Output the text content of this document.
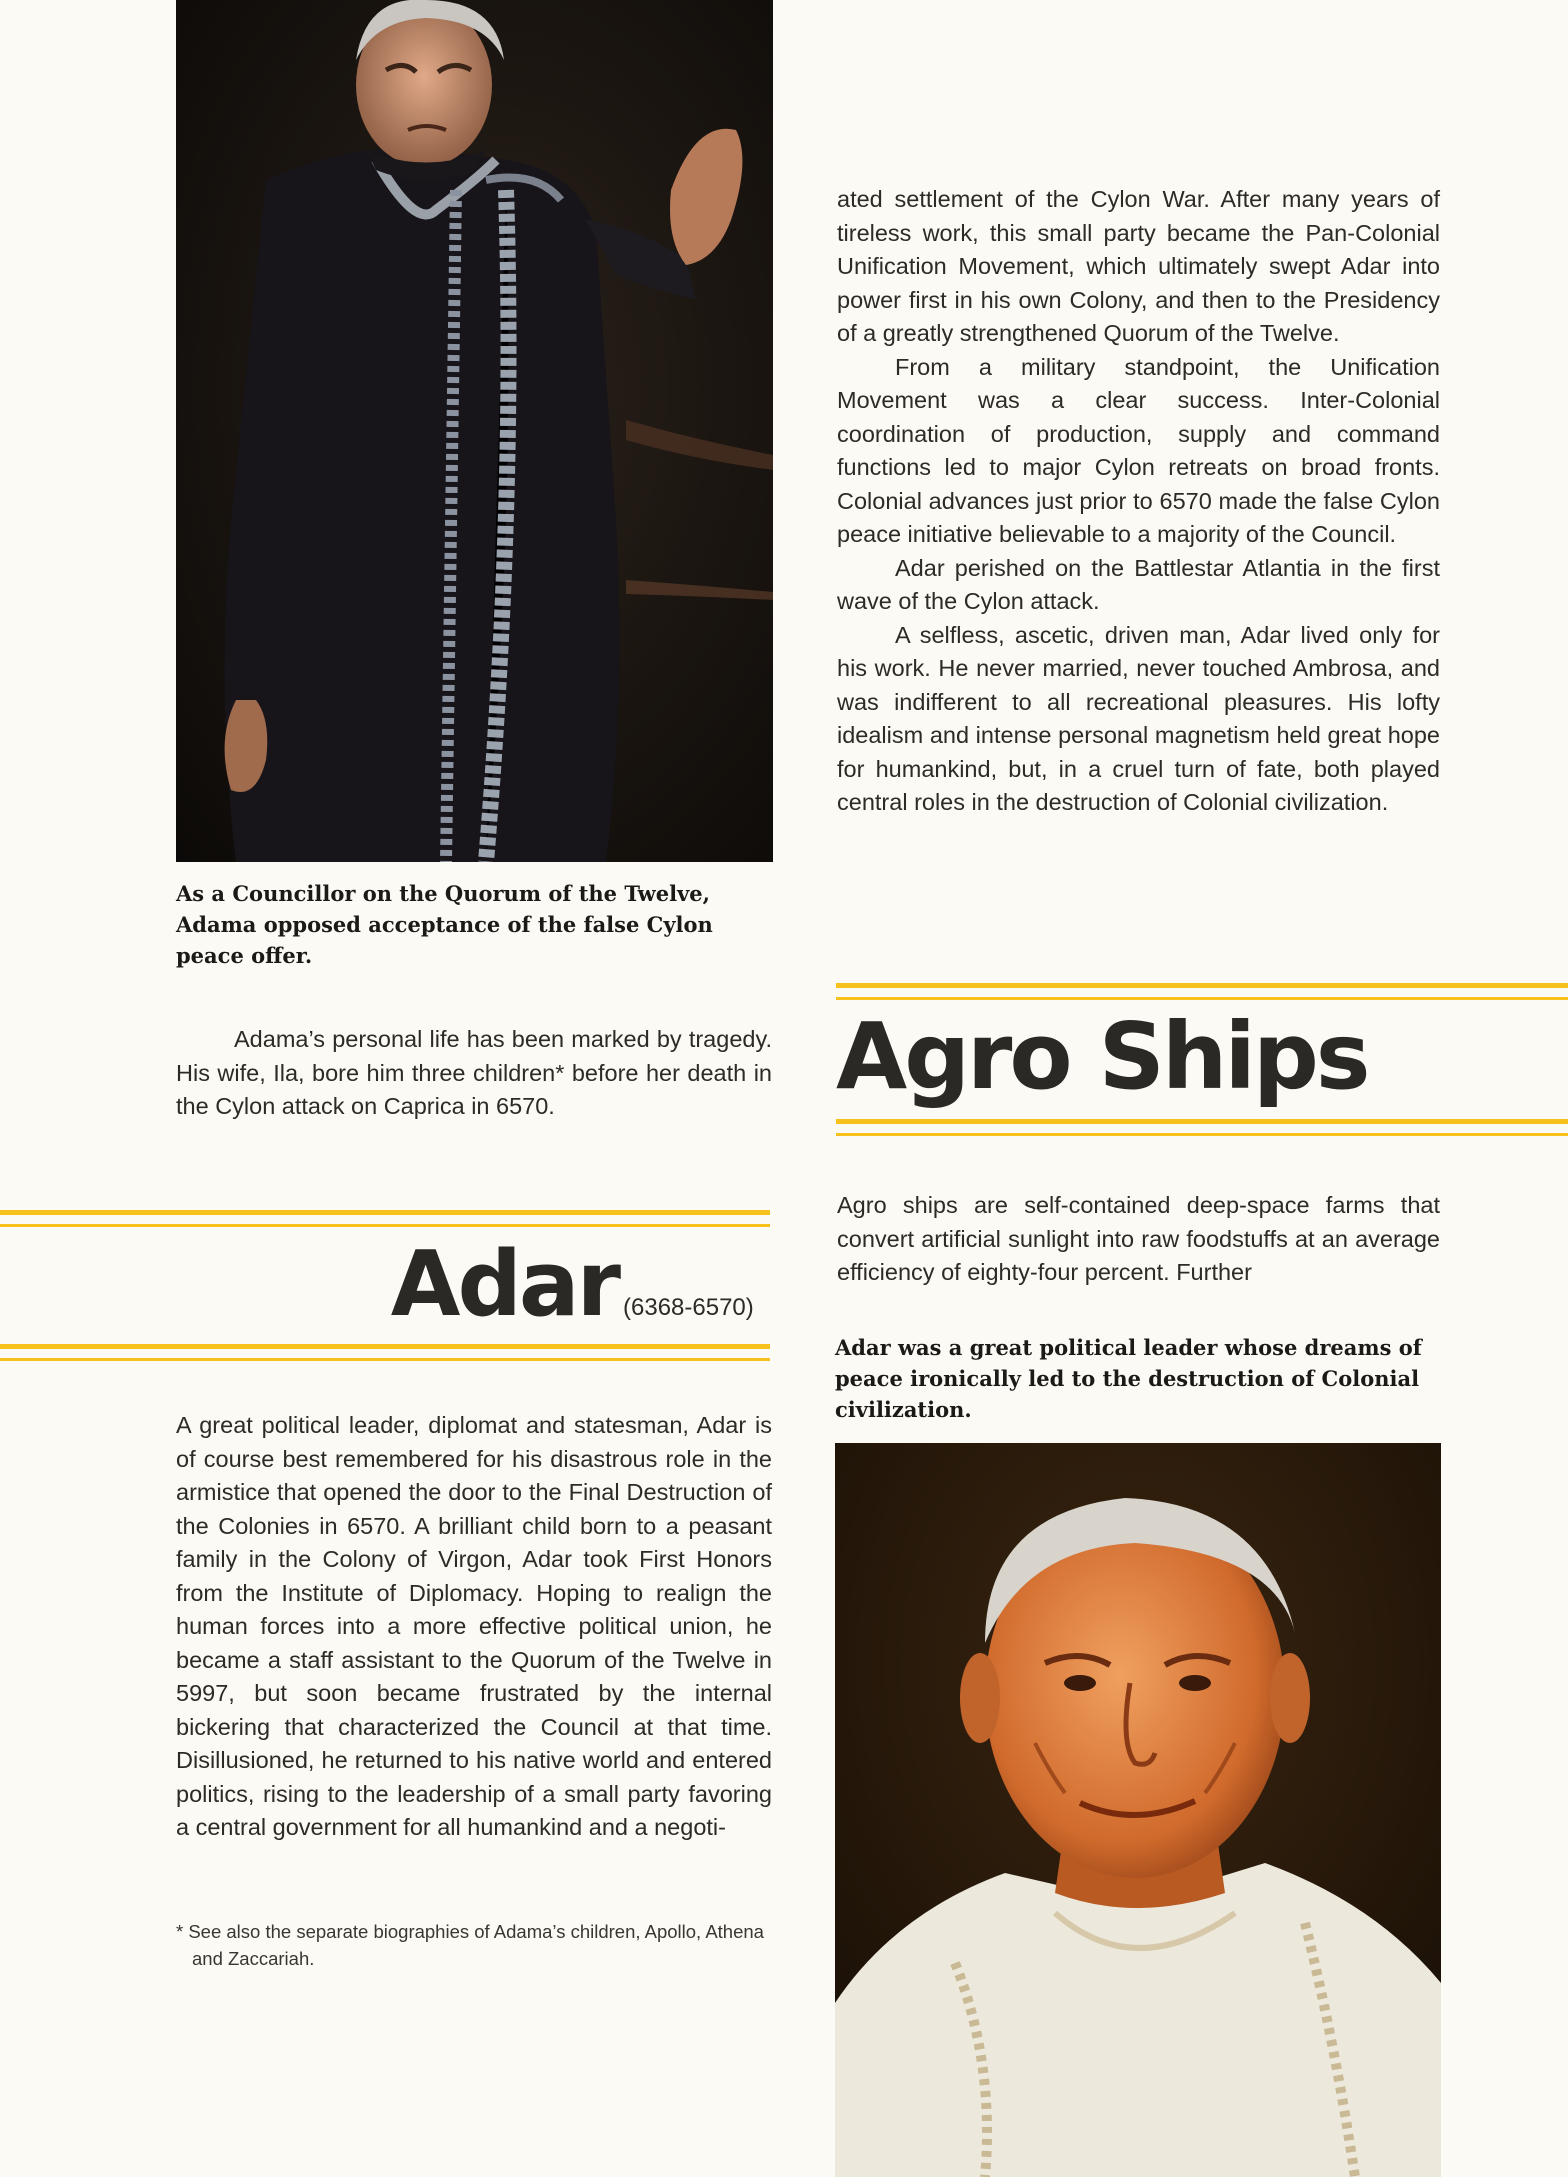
As a Councillor on the Quorum of the Twelve, Adama opposed acceptance of the false Cylon peace offer.

ated settlement of the Cylon War. After many years of tireless work, this small party became the Pan-Colonial Unification Movement, which ultimately swept Adar into power first in his own Colony, and then to the Presidency of a greatly strengthened Quorum of the Twelve.

From a military standpoint, the Unification Movement was a clear success. Inter-Colonial coordination of production, supply and command functions led to major Cylon retreats on broad fronts. Colonial advances just prior to 6570 made the false Cylon peace initiative believable to a majority of the Council.

Adar perished on the Battlestar Atlantia in the first wave of the Cylon attack.

A selfless, ascetic, driven man, Adar lived only for his work. He never married, never touched Ambrosa, and was indifferent to all recreational pleasures. His lofty idealism and intense personal magnetism held great hope for humankind, but, in a cruel turn of fate, both played central roles in the destruction of Colonial civilization.

Adama’s personal life has been marked by tragedy. His wife, Ila, bore him three children* before her death in the Cylon attack on Caprica in 6570.

Adar (6368-6570)

A great political leader, diplomat and statesman, Adar is of course best remembered for his disastrous role in the armistice that opened the door to the Final Destruction of the Colonies in 6570. A brilliant child born to a peasant family in the Colony of Virgon, Adar took First Honors from the Institute of Diplomacy. Hoping to realign the human forces into a more effective political union, he became a staff assistant to the Quorum of the Twelve in 5997, but soon became frustrated by the internal bickering that characterized the Council at that time. Disillusioned, he returned to his native world and entered politics, rising to the leadership of a small party favoring a central government for all humankind and a negoti-

* See also the separate biographies of Adama’s children, Apollo, Athena and Zaccariah.

Agro Ships

Agro ships are self-contained deep-space farms that convert artificial sunlight into raw foodstuffs at an average efficiency of eighty-four percent. Further

Adar was a great political leader whose dreams of peace ironically led to the destruction of Colonial civilization.
